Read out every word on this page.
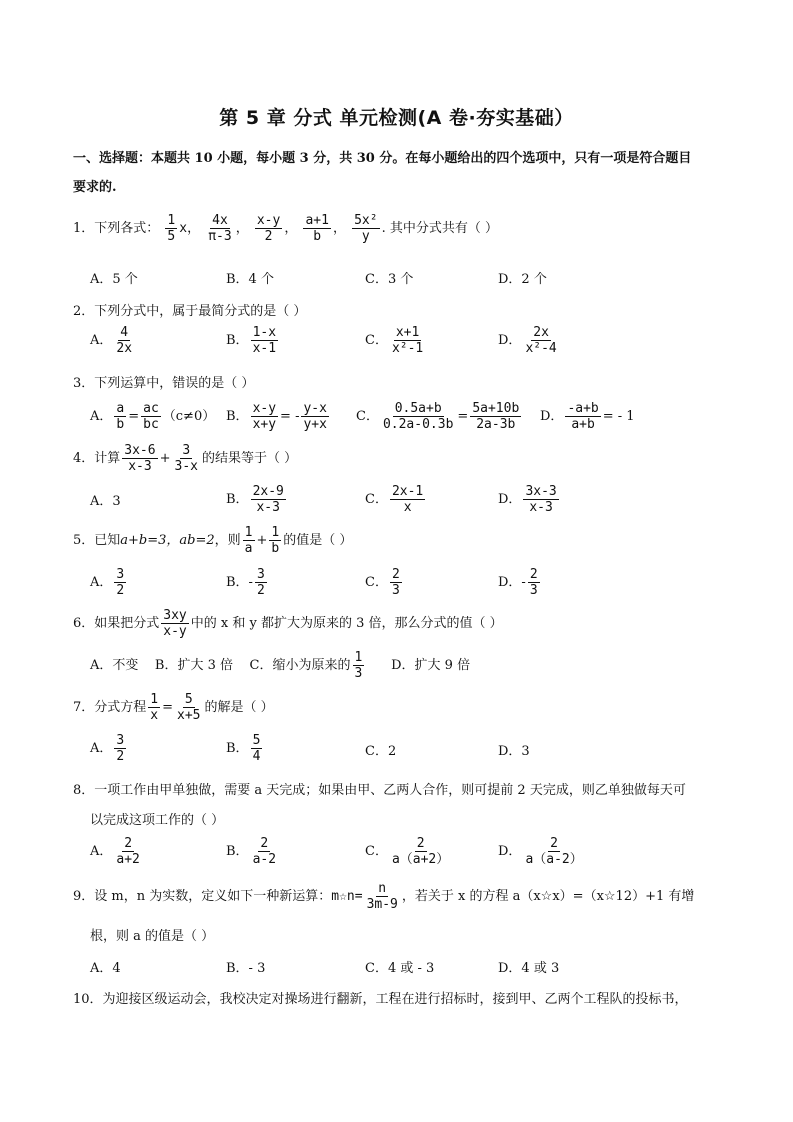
第 5 章 分式 单元检测(A 卷·夯实基础）
一、选择题：本题共 10 小题，每小题 3 分，共 30 分。在每小题给出的四个选项中，只有一项是符合题目
要求的.
1．下列各式： $\frac{1}{5}$ x， $\frac{4x}{\pi-3}$ ， $\frac{x-y}{2}$ ， $\frac{a+1}{b}$ ， $\frac{\text{5x²}}{y}$ . 其中分式共有（ ）
A．5 个	B．4 个	C．3 个	D．2 个
2．下列分式中，属于最简分式的是（ ）
A． $\frac{4}{2x}$	B． $\frac{1-x}{x-1}$	C． $\frac{x+1}{\text{x²-1}}$	D． $\frac{2x}{\text{x²-4}}$
3．下列运算中，错误的是（ ）
A． $\frac{a}{b} = \frac{ac}{bc} (c\ne 0)$ B． $\frac{x-y}{x+y}$ = - $\frac{y-x}{y+x}$ C． $\frac{0.5a+b}{0.2a-0.3b} = \frac{5a+10b}{2a-3b}$ D． $\frac{-a+b}{a+b}$ = - 1
4．计算 $\frac{3x-6}{x-3} + \frac{3}{3-x}$ 的结果等于（ ）
A．3	B． $\frac{2x-9}{x-3}$	C． $\frac{2x-1}{x}$	D． $\frac{3x-3}{x-3}$
5．已知a+b=3，ab=2，则 $\frac{1}{a} + \frac{1}{b}$ 的值是（ ）
A． $\frac{3}{2}$	B．- $\frac{3}{2}$	C． $\frac{2}{3}$	D．- $\frac{2}{3}$
6．如果把分式 $\frac{3xy}{x-y}$ 中的 x 和 y 都扩大为原来的 3 倍，那么分式的值（ ）
A．不变 B．扩大 3 倍 C．缩小为原来的 $\frac{1}{3}$ D．扩大 9 倍
7．分式方程 $\frac{1}{x} = \frac{5}{x+5}$ 的解是（ ）
A． $\frac{3}{2}$	B． $\frac{5}{4}$	C．2	D．3
8．一项工作由甲单独做，需要 a 天完成；如果由甲、乙两人合作，则可提前 2 天完成，则乙单独做每天可
以完成这项工作的（ ）
A． $\frac{2}{a+2}$	B． $\frac{2}{a-2}$	C． $\frac{2}{a(a+2)}$	D． $\frac{2}{a(a-2)}$
9．设 m，n 为实数，定义如下一种新运算：m☆n= $\frac{n}{3m-9}$ ，若关于 x 的方程 a（x☆x）=（x☆12）+1 有增
根，则 a 的值是（ ）
A．4	B．- 3	C．4 或 - 3	D．4 或 3
10．为迎接区级运动会，我校决定对操场进行翻新，工程在进行招标时，接到甲、乙两个工程队的投标书，
